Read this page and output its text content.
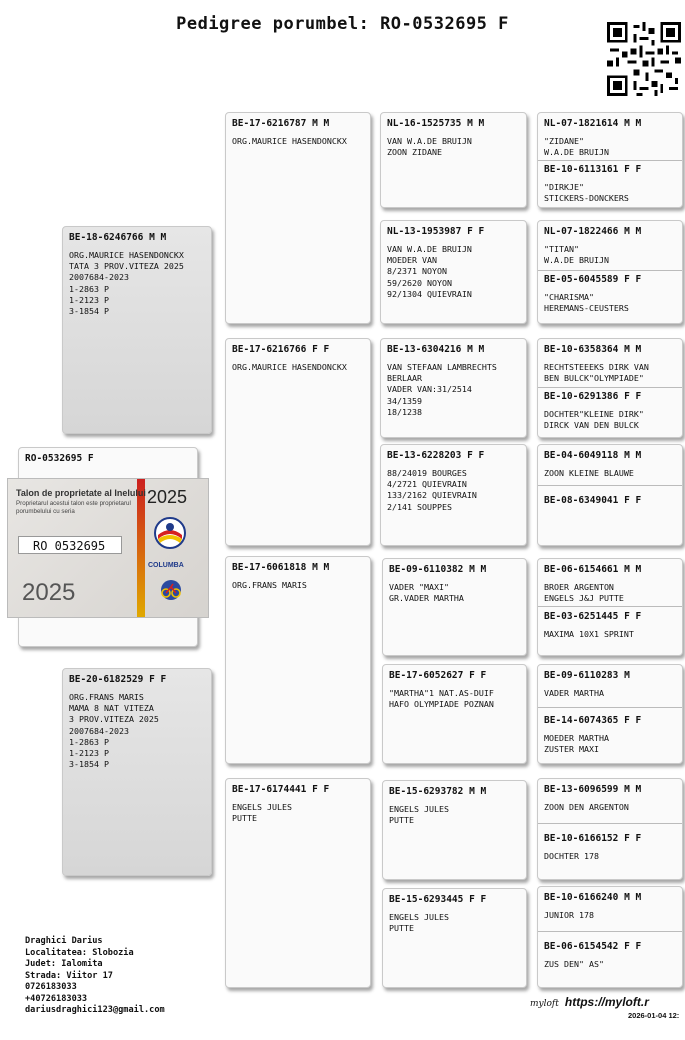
Pedigree porumbel: RO-0532695 F
RO-0532695 F
Talon de proprietate al Inelului
Proprietarul acestui talon este proprietarul porumbelului cu seria
RO 0532695
2025
2025
COLUMBA
BE-18-6246766 M M
ORG.MAURICE HASENDONCKX
TATA 3 PROV.VITEZA 2025
2007684-2023
1-2863 P
1-2123 P
3-1854 P
BE-20-6182529 F F
ORG.FRANS MARIS
MAMA 8 NAT VITEZA
3 PROV.VITEZA 2025
2007684-2023
1-2863 P
1-2123 P
3-1854 P
BE-17-6216787 M M
ORG.MAURICE HASENDONCKX
BE-17-6216766 F F
ORG.MAURICE HASENDONCKX
BE-17-6061818 M M
ORG.FRANS MARIS
BE-17-6174441 F F
ENGELS JULES
PUTTE
NL-16-1525735 M M
VAN W.A.DE BRUIJN
ZOON ZIDANE
NL-13-1953987 F F
VAN W.A.DE BRUIJN
MOEDER VAN
8/2371 NOYON
59/2620 NOYON
92/1304 QUIEVRAIN
BE-13-6304216 M M
VAN STEFAAN LAMBRECHTS
BERLAAR
VADER VAN:31/2514
34/1359
18/1238
BE-13-6228203 F F
88/24019 BOURGES
4/2721 QUIEVRAIN
133/2162 QUIEVRAIN
2/141 SOUPPES
BE-09-6110382 M M
VADER "MAXI"
GR.VADER MARTHA
BE-17-6052627 F F
"MARTHA"1 NAT.AS-DUIF
HAFO OLYMPIADE POZNAN
BE-15-6293782 M M
ENGELS JULES
PUTTE
BE-15-6293445 F F
ENGELS JULES
PUTTE
NL-07-1821614 M M
"ZIDANE"
W.A.DE BRUIJN
BE-10-6113161 F F
"DIRKJE"
STICKERS-DONCKERS
NL-07-1822466 M M
"TITAN"
W.A.DE BRUIJN
BE-05-6045589 F F
"CHARISMA"
HEREMANS-CEUSTERS
BE-10-6358364 M M
RECHTSTEEEKS DIRK VAN
BEN BULCK"OLYMPIADE"
BE-10-6291386 F F
DOCHTER"KLEINE DIRK"
DIRCK VAN DEN BULCK
BE-04-6049118 M M
ZOON KLEINE BLAUWE
BE-08-6349041 F F
BE-06-6154661 M M
BROER ARGENTON
ENGELS J&J PUTTE
BE-03-6251445 F F
MAXIMA 10X1 SPRINT
BE-09-6110283 M
VADER MARTHA
BE-14-6074365 F F
MOEDER MARTHA
ZUSTER MAXI
BE-13-6096599 M M
ZOON DEN ARGENTON
BE-10-6166152 F F
DOCHTER 178
BE-10-6166240 M M
JUNIOR 178
BE-06-6154542 F F
ZUS DEN" AS"
Draghici Darius
Localitatea: Slobozia
Judet: Ialomita
Strada: Viitor 17
0726183033
+40726183033
dariusdraghici123@gmail.com
myloft https://myloft.r
2026-01-04 12:
